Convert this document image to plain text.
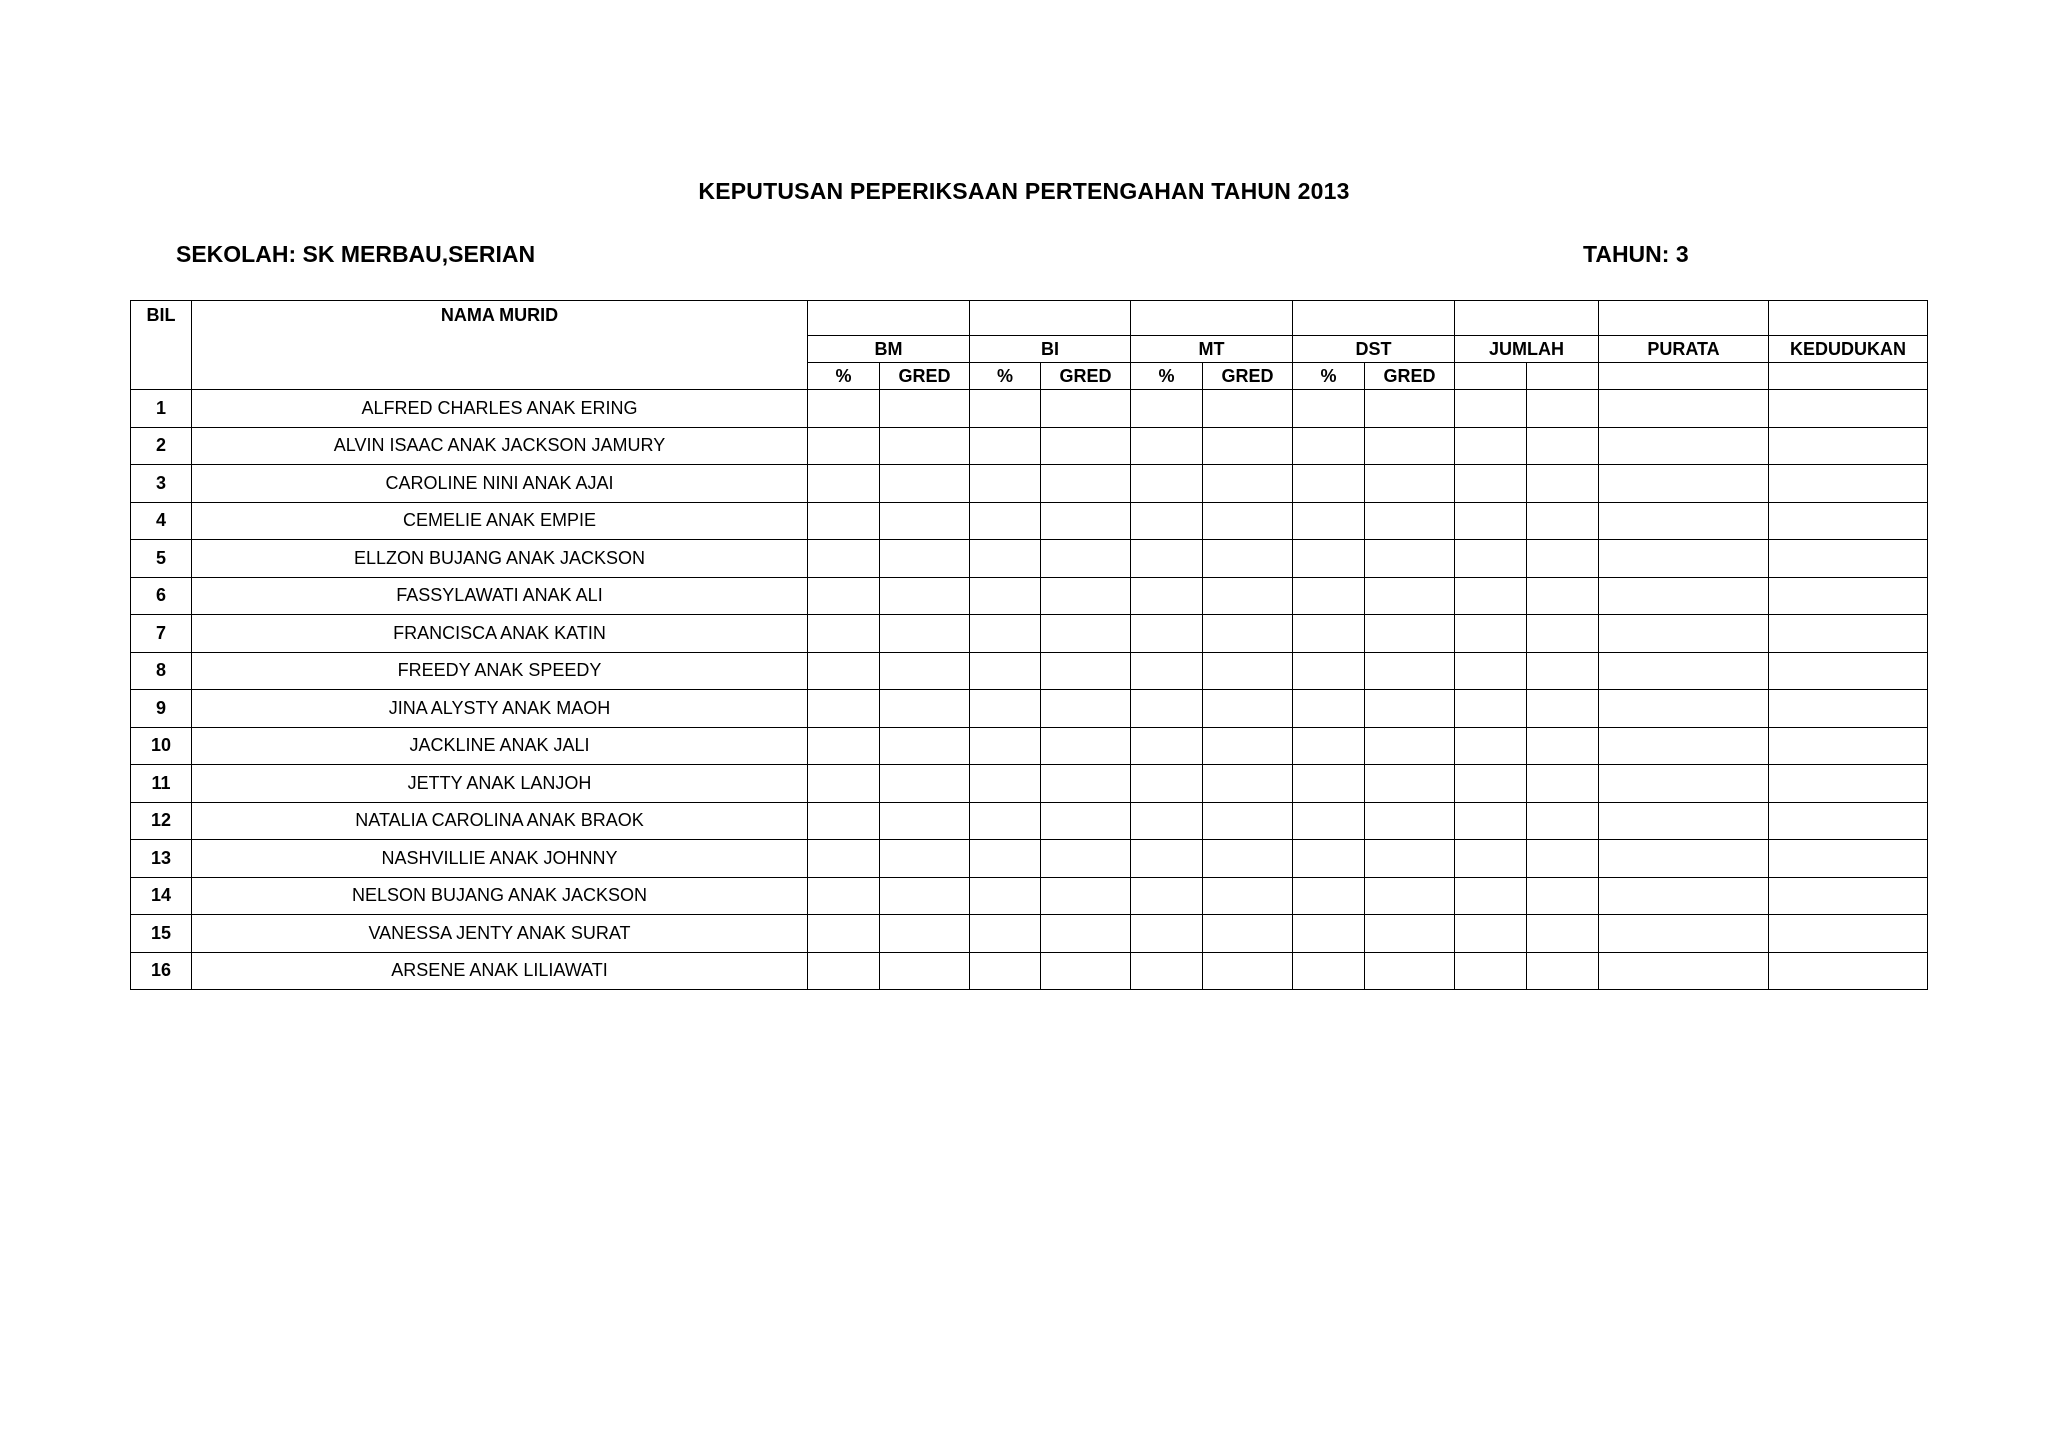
KEPUTUSAN PEPERIKSAAN PERTENGAHAN TAHUN 2013
SEKOLAH: SK MERBAU,SERIAN	TAHUN: 3
BIL	NAMA MURID												
		BM		BI		MT		DST		JUMLAH		PURATA	KEDUDUKAN
		%	GRED	%	GRED	%	GRED	%	GRED				
1	ALFRED CHARLES ANAK ERING												
2	ALVIN ISAAC ANAK JACKSON JAMURY												
3	CAROLINE NINI ANAK AJAI												
4	CEMELIE ANAK EMPIE												
5	ELLZON BUJANG ANAK JACKSON												
6	FASSYLAWATI ANAK ALI												
7	FRANCISCA ANAK KATIN												
8	FREEDY ANAK SPEEDY												
9	JINA ALYSTY ANAK MAOH												
10	JACKLINE ANAK JALI												
11	JETTY ANAK LANJOH												
12	NATALIA CAROLINA ANAK BRAOK												
13	NASHVILLIE ANAK JOHNNY												
14	NELSON BUJANG ANAK JACKSON												
15	VANESSA JENTY ANAK SURAT												
16	ARSENE ANAK LILIAWATI												
